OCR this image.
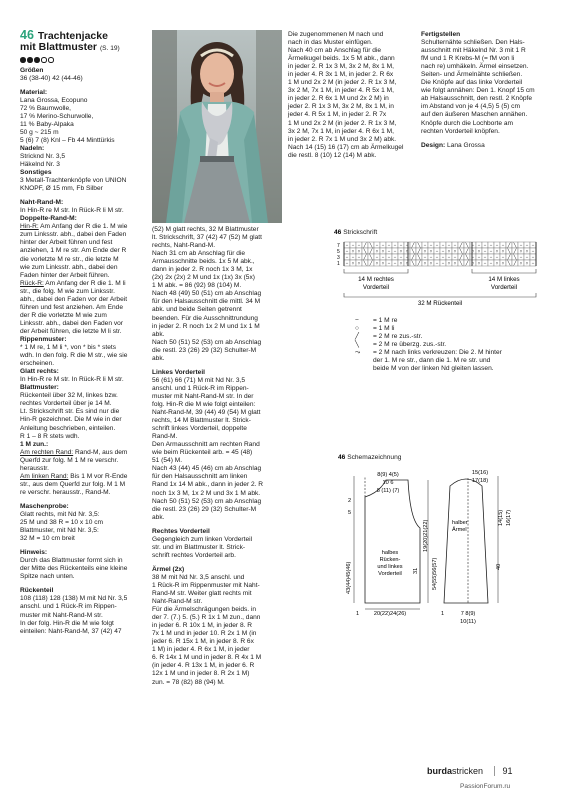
46 Trachtenjacke
mit Blattmuster (S. 19)

Größen

36 (38-40) 42 (44-46)

Material:

Lana Grossa, Ecopuno

72 % Baumwolle,

17 % Merino-Schurwolle,

11 % Baby-Alpaka

50 g ~ 215 m

5 (6) 7 (8) Knl – Fb 44 Minttürkis

Nadeln:

Stricknd Nr. 3,5

Häkelnd Nr. 3

Sonstiges

3 Metall-Trachtenknöpfe von UNION

KNOPF, Ø 15 mm, Fb Silber

Naht-Rand-M:

In Hin-R re M str. In Rück-R li M str.

Doppelte-Rand-M:

Hin-R: Am Anfang der R die 1. M wie

zum Linksstr. abh., dabei den Faden

hinter der Arbeit führen und fest

anziehen, 1 M re str. Am Ende der R

die vorletzte M re str., die letzte M

wie zum Linksstr. abh., dabei den

Faden hinter der Arbeit führen.

Rück-R: Am Anfang der R die 1. M li

str., die folg. M wie zum Linksstr.

abh., dabei den Faden vor der Arbeit

führen und fest anziehen. Am Ende

der R die vorletzte M wie zum

Linksstr. abh., dabei den Faden vor

der Arbeit führen, die letzte M li str.

Rippenmuster:

* 1 M re, 1 M li *, von * bis * stets

wdh. In den folg. R die M str., wie sie

erscheinen.

Glatt rechts:

In Hin-R re M str. In Rück-R li M str.

Blattmuster:

Rückenteil über 32 M, linkes bzw.

rechtes Vorderteil über je 14 M.

Lt. Strickschrift str. Es sind nur die

Hin-R gezeichnet. Die M wie in der

Anleitung beschrieben, einteilen.

R 1 – 8 R stets wdh.

1 M zun.:

Am rechten Rand: Rand-M, aus dem

Querfd zur folg. M 1 M re verschr.

herausstr.

Am linken Rand: Bis 1 M vor R-Ende

str., aus dem Querfd zur folg. M 1 M

re verschr. herausstr., Rand-M.

Maschenprobe:

Glatt rechts, mit Nd Nr. 3,5:

25 M und 38 R = 10 x 10 cm

Blattmuster, mit Nd Nr. 3,5:

32 M = 10 cm breit

Hinweis:

Durch das Blattmuster formt sich in

der Mitte des Rückenteils eine kleine

Spitze nach unten.

Rückenteil

108 (118) 128 (138) M mit Nd Nr. 3,5

anschl. und 1 Rück-R im Rippen-

muster mit Naht-Rand-M str.

In der folg. Hin-R die M wie folgt

einteilen: Naht-Rand-M, 37 (42) 47

(52) M glatt rechts, 32 M Blattmuster

lt. Strickschrift, 37 (42) 47 (52) M glatt

rechts, Naht-Rand-M.

Nach 31 cm ab Anschlag für die

Armausschnitte beids. 1x 5 M abk.,

dann in jeder 2. R noch 1x 3 M, 1x

(2x) 2x (2x) 2 M und 1x (1x) 3x (5x)

1 M abk. = 86 (92) 98 (104) M.

Nach 48 (49) 50 (51) cm ab Anschlag

für den Halsausschnitt die mittl. 34 M

abk. und beide Seiten getrennt

beenden. Für die Ausschnittrundung

in jeder 2. R noch 1x 2 M und 1x 1 M

abk.

Nach 50 (51) 52 (53) cm ab Anschlag

die restl. 23 (26) 29 (32) Schulter-M

abk.

Linkes Vorderteil

56 (61) 66 (71) M mit Nd Nr. 3,5

anschl. und 1 Rück-R im Rippen-

muster mit Naht-Rand-M str. In der

folg. Hin-R die M wie folgt einteilen:

Naht-Rand-M, 39 (44) 49 (54) M glatt

rechts, 14 M Blattmuster lt. Strick-

schrift linkes Vorderteil, doppelte

Rand-M.

Den Armausschnitt am rechten Rand

wie beim Rückenteil arb. = 45 (48)

51 (54) M.

Nach 43 (44) 45 (46) cm ab Anschlag

für den Halsausschnitt am linken

Rand 1x 14 M abk., dann in jeder 2. R

noch 1x 3 M, 1x 2 M und 3x 1 M abk.

Nach 50 (51) 52 (53) cm ab Anschlag

die restl. 23 (26) 29 (32) Schulter-M

abk.

Rechtes Vorderteil

Gegengleich zum linken Vorderteil

str. und im Blattmuster lt. Strick-

schrift rechtes Vorderteil arb.

Ärmel (2x)

38 M mit Nd Nr. 3,5 anschl. und

1 Rück-R im Rippenmuster mit Naht-

Rand-M str. Weiter glatt rechts mit

Naht-Rand-M str.

Für die Ärmelschrägungen beids. in

der 7. (7.) 5. (5.) R 1x 1 M zun., dann

in jeder 6. R 10x 1 M, in jeder 8. R

7x 1 M und in jeder 10. R 2x 1 M (in

jeder 6. R 15x 1 M, in jeder 8. R 6x

1 M) in jeder 4. R 6x 1 M, in jeder

6. R 14x 1 M und in jeder 8. R 4x 1 M

(in jeder 4. R 13x 1 M, in jeder 6. R

12x 1 M und in jeder 8. R 2x 1 M)

zun. = 78 (82) 88 (94) M.

Die zugenommenen M nach und

nach in das Muster einfügen.

Nach 40 cm ab Anschlag für die

Ärmelkugel beids. 1x 5 M abk., dann

in jeder 2. R 1x 3 M, 3x 2 M, 8x 1 M,

in jeder 4. R 3x 1 M, in jeder 2. R 6x

1 M und 2x 2 M (in jeder 2. R 1x 3 M,

3x 2 M, 7x 1 M, in jeder 4. R 5x 1 M,

in jeder 2. R 6x 1 M und 2x 2 M) in

jeder 2. R 1x 3 M, 3x 2 M, 8x 1 M, in

jeder 4. R 5x 1 M, in jeder 2. R 7x

1 M und 2x 2 M (in jeder 2. R 1x 3 M,

3x 2 M, 7x 1 M, in jeder 4. R 6x 1 M,

in jeder 2. R 7x 1 M und 3x 2 M) abk.

Nach 14 (15) 16 (17) cm ab Ärmelkugel

die restl. 8 (10) 12 (14) M abk.

Fertigstellen

Schulternähte schließen. Den Hals-

ausschnitt mit Häkelnd Nr. 3 mit 1 R

fM und 1 R Krebs-M (= fM von li

nach re) umhäkeln. Ärmel einsetzen.

Seiten- und Ärmelnähte schließen.

Die Knöpfe auf das linke Vorderteil

wie folgt annähen: Den 1. Knopf 15 cm

ab Halsausschnitt, den restl. 2 Knöpfe

im Abstand von je 4 (4,5) 5 (5) cm

auf den äußeren Maschen annähen.

Knöpfe durch die Lochborte am

rechten Vorderteil knöpfen.

Design: Lana Grossa

46 Strickschrift
− − − ╱ ╲ − − − − − − ╱ ╲ − − − − − − ╱ ╲ − − − − − − ╱ ╲ − − −
− ○ ○ ╲ ╱ ○ ○ − − ○ ○ ╲ ╱ ○ ○ − − ○ ○ ╲ ╱ ○ ○ − − ○ ○ ╲ ╱ ○ ○ −
− − − ╱ ╲ − − − − − − ╱ ╲ − − − − − − ╱ ╲ − − − − − − ╱ ╲ − − −
− ○ ○ ╲ ╱ ○ ○ − − ○ ○ ╲ ╱ ○ ○ − − ○ ○ ╲ ╱ ○ ○ − − ○ ○ ╲ ╱ ○ ○ −
7
5
3
1
14 M rechtes
Vorderteil
14 M linkes
Vorderteil
32 M Rückenteil
−	= 1 M re
○	= 1 M li
╱	= 2 M re zus.-str.
╲	= 2 M re überzg. zus.-str.
⤳	= 2 M nach links verkreuzen: Die 2. M hinter
der 1. M re str., dann die 1. M re str. und
beide M von der linken Nd gleiten lassen.
46 Schemazeichnung
8(9) 4(5)
10 6
8 (11) (7)
2
5
43(44)45(46)
19(20)21(22)
31 54(55)56(57)
halbes Rücken-und linkes Vorderteil
20(22)24(26)
1
15(16)
17(18)
14(15) 16(17)
40
halber Ärmel
7 8(9)
10(11)
1
burdastricken 91
PassionForum.ru
